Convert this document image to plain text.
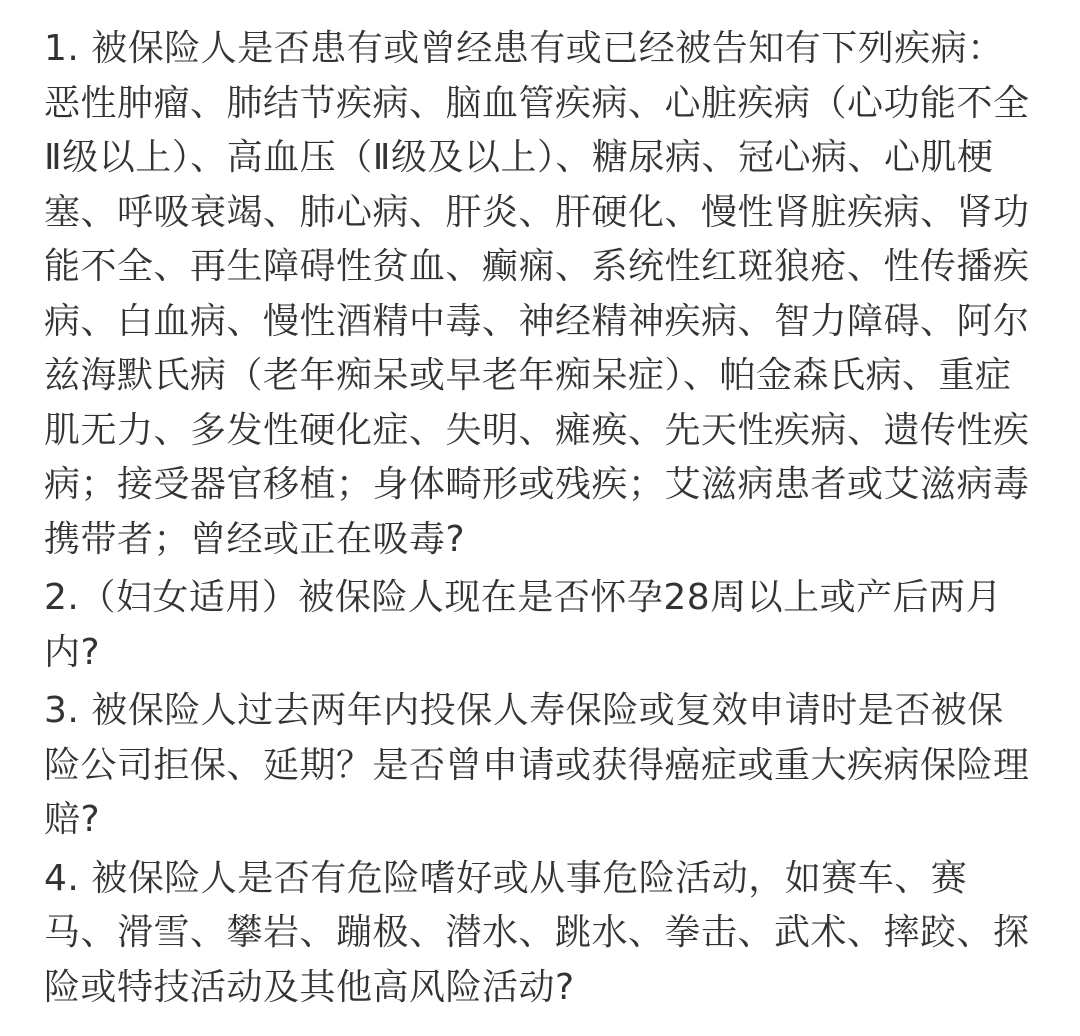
1. 被保险人是否患有或曾经患有或已经被告知有下列疾病：恶性肿瘤、肺结节疾病、脑血管疾病、心脏疾病（心功能不全Ⅱ级以上）、高血压（Ⅱ级及以上）、糖尿病、冠心病、心肌梗塞、呼吸衰竭、肺心病、肝炎、肝硬化、慢性肾脏疾病、肾功能不全、再生障碍性贫血、癫痫、系统性红斑狼疮、性传播疾病、白血病、慢性酒精中毒、神经精神疾病、智力障碍、阿尔兹海默氏病（老年痴呆或早老年痴呆症）、帕金森氏病、重症肌无力、多发性硬化症、失明、瘫痪、先天性疾病、遗传性疾病；接受器官移植；身体畸形或残疾；艾滋病患者或艾滋病毒携带者；曾经或正在吸毒?

2.（妇女适用）被保险人现在是否怀孕28周以上或产后两月内?

3. 被保险人过去两年内投保人寿保险或复效申请时是否被保险公司拒保、延期？是否曾申请或获得癌症或重大疾病保险理赔?

4. 被保险人是否有危险嗜好或从事危险活动，如赛车、赛马、滑雪、攀岩、蹦极、潜水、跳水、拳击、武术、摔跤、探险或特技活动及其他高风险活动?
